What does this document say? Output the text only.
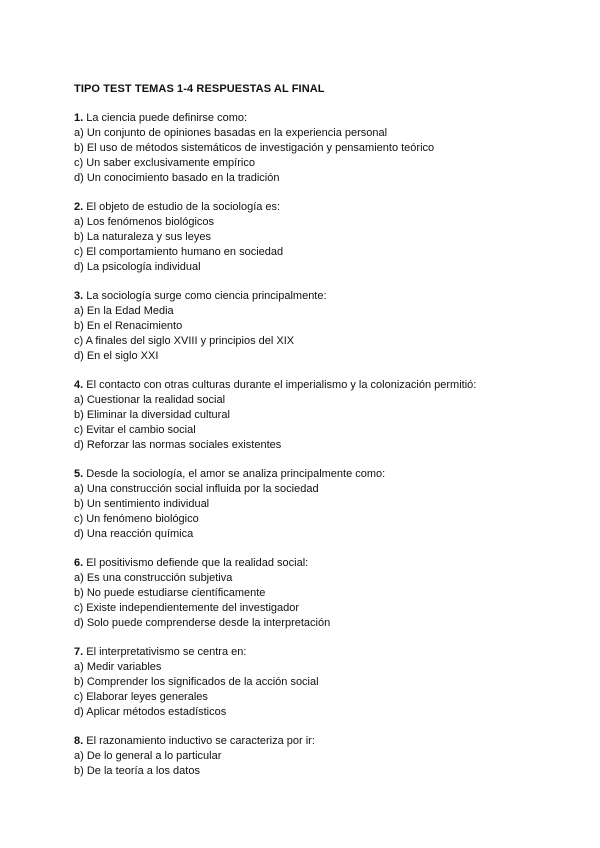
TIPO TEST TEMAS 1-4 RESPUESTAS AL FINAL
1. La ciencia puede definirse como:
a) Un conjunto de opiniones basadas en la experiencia personal
b) El uso de métodos sistemáticos de investigación y pensamiento teórico
c) Un saber exclusivamente empírico
d) Un conocimiento basado en la tradición
2. El objeto de estudio de la sociología es:
a) Los fenómenos biológicos
b) La naturaleza y sus leyes
c) El comportamiento humano en sociedad
d) La psicología individual
3. La sociología surge como ciencia principalmente:
a) En la Edad Media
b) En el Renacimiento
c) A finales del siglo XVIII y principios del XIX
d) En el siglo XXI
4. El contacto con otras culturas durante el imperialismo y la colonización permitió:
a) Cuestionar la realidad social
b) Eliminar la diversidad cultural
c) Evitar el cambio social
d) Reforzar las normas sociales existentes
5. Desde la sociología, el amor se analiza principalmente como:
a) Una construcción social influida por la sociedad
b) Un sentimiento individual
c) Un fenómeno biológico
d) Una reacción química
6. El positivismo defiende que la realidad social:
a) Es una construcción subjetiva
b) No puede estudiarse científicamente
c) Existe independientemente del investigador
d) Solo puede comprenderse desde la interpretación
7. El interpretativismo se centra en:
a) Medir variables
b) Comprender los significados de la acción social
c) Elaborar leyes generales
d) Aplicar métodos estadísticos
8. El razonamiento inductivo se caracteriza por ir:
a) De lo general a lo particular
b) De la teoría a los datos
